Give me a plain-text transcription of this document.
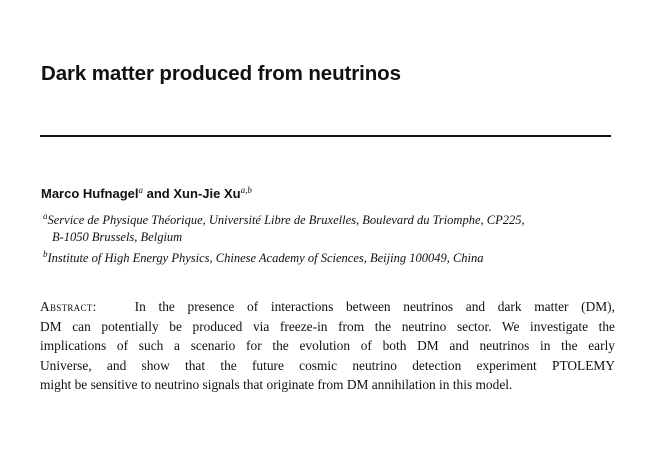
Dark matter produced from neutrinos
Marco Hufnagel$^a$ and Xun-Jie Xu$^{a,b}$
$^a$Service de Physique Théorique, Université Libre de Bruxelles, Boulevard du Triomphe, CP225,
B-1050 Brussels, Belgium
$^b$Institute of High Energy Physics, Chinese Academy of Sciences, Beijing 100049, China
Abstract:	In the presence of interactions between neutrinos and dark matter (DM),
DM can potentially be produced via freeze-in from the neutrino sector. We investigate the
implications of such a scenario for the evolution of both DM and neutrinos in the early
Universe, and show that the future cosmic neutrino detection experiment PTOLEMY
might be sensitive to neutrino signals that originate from DM annihilation in this model.
